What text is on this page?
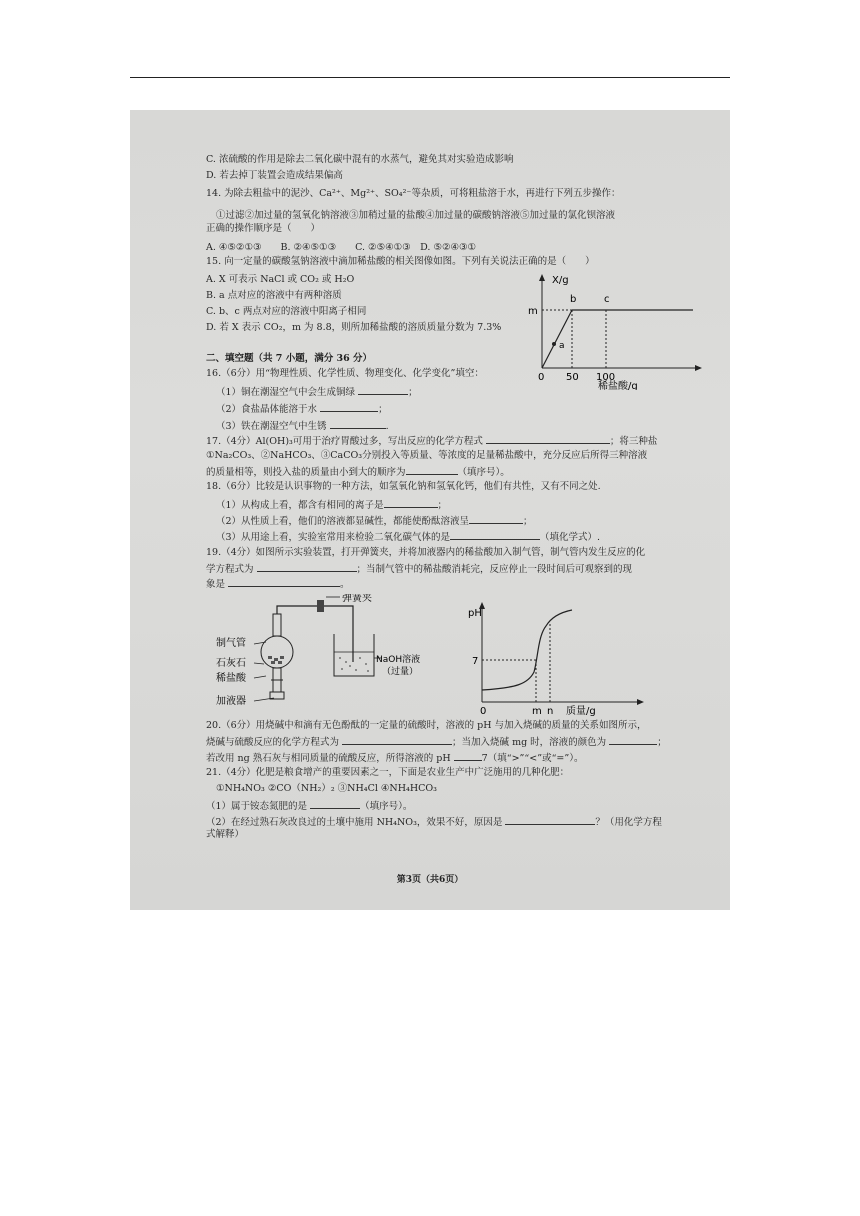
C. 浓硫酸的作用是除去二氧化碳中混有的水蒸气，避免其对实验造成影响
D. 若去掉丁装置会造成结果偏高
14. 为除去粗盐中的泥沙、Ca²⁺、Mg²⁺、SO₄²⁻等杂质，可将粗盐溶于水，再进行下列五步操作：
①过滤②加过量的氢氧化钠溶液③加稍过量的盐酸④加过量的碳酸钠溶液⑤加过量的氯化钡溶液
正确的操作顺序是（　　）
A. ④⑤②①③　　B. ②④⑤①③　　C. ②⑤④①③　D. ⑤②④③①
15. 向一定量的碳酸氢钠溶液中滴加稀盐酸的相关图像如图。下列有关说法正确的是（　　）
A. X 可表示 NaCl 或 CO₂ 或 H₂O
B. a 点对应的溶液中有两种溶质
C. b、c 两点对应的溶液中阳离子相同
D. 若 X 表示 CO₂，m 为 8.8，则所加稀盐酸的溶质质量分数为 7.3%
X/g
m
a
b	c
0 50 100
稀盐酸/g
二、填空题（共 7 小题，满分 36 分）
16.（6分）用“物理性质、化学性质、物理变化、化学变化”填空：
（1）铜在潮湿空气中会生成铜绿	；
（2）食盐晶体能溶于水	；
（3）铁在潮湿空气中生锈	.
17.（4分）Al(OH)₃可用于治疗胃酸过多，写出反应的化学方程式	；将三种盐
①Na₂CO₃、②NaHCO₃、③CaCO₃分别投入等质量、等浓度的足量稀盐酸中，充分反应后所得三种溶液
的质量相等，则投入盐的质量由小到大的顺序为	（填序号）。
18.（6分）比较是认识事物的一种方法，如氢氧化钠和氢氧化钙，他们有共性，又有不同之处.
（1）从构成上看，都含有相同的离子是	；
（2）从性质上看，他们的溶液都显碱性，都能使酚酞溶液呈	；
（3）从用途上看，实验室常用来检验二氧化碳气体的是	（填化学式）.
19.（4分）如图所示实验装置，打开弹簧夹，并将加液器内的稀盐酸加入制气管，制气管内发生反应的化
学方程式为	；当制气管中的稀盐酸消耗完，反应停止一段时间后可观察到的现
象是	。
制气管
石灰石
稀盐酸
加液器
弹簧夹
NaOH溶液
（过量）
pH
7
0	m n 质量/g
20.（6分）用烧碱中和滴有无色酚酞的一定量的硫酸时，溶液的 pH 与加入烧碱的质量的关系如图所示，
烧碱与硫酸反应的化学方程式为	；当加入烧碱 mg 时，溶液的颜色为	；
若改用 ng 熟石灰与相同质量的硫酸反应，所得溶液的 pH	7（填“>”“<”或“=”）。
21.（4分）化肥是粮食增产的重要因素之一，下面是农业生产中广泛施用的几种化肥：
①NH₄NO₃ ②CO（NH₂）₂ ③NH₄Cl ④NH₄HCO₃
（1）属于铵态氮肥的是	（填序号）。
（2）在经过熟石灰改良过的土壤中施用 NH₄NO₃，效果不好，原因是	？（用化学方程
式解释）
第3页（共6页）
